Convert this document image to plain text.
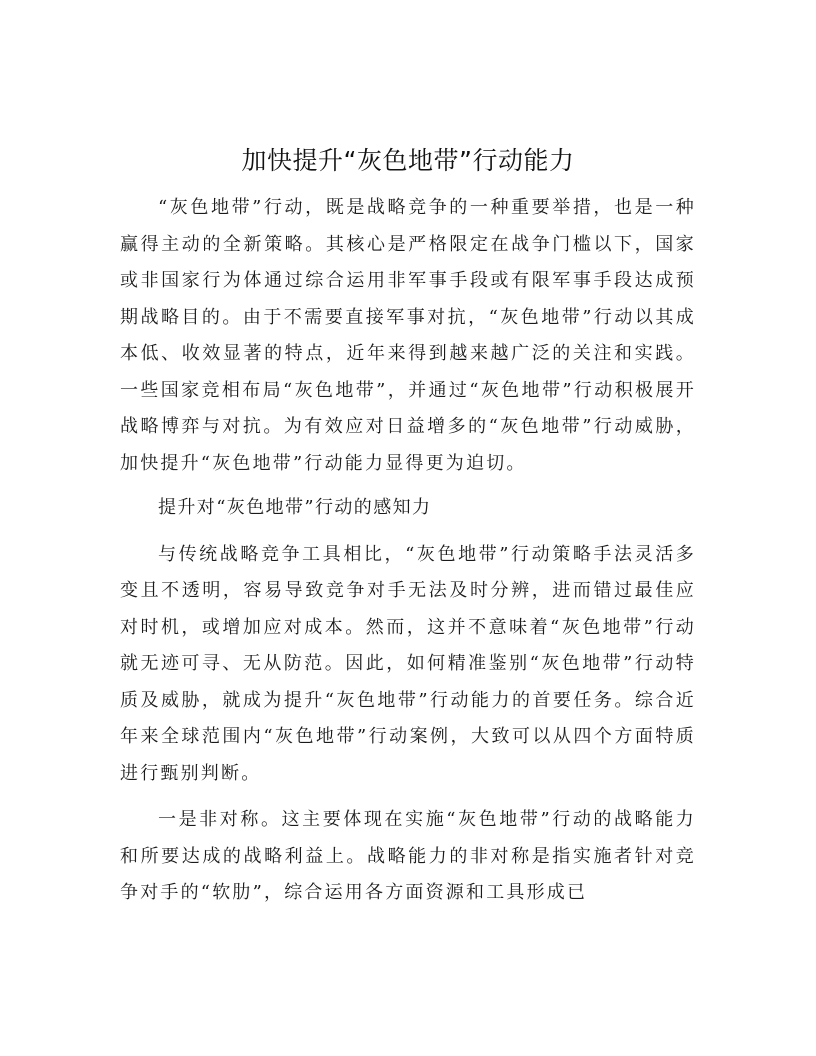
加快提升“灰色地带”行动能力

“灰色地带”行动，既是战略竞争的一种重要举措，也是一种赢得主动的全新策略。其核心是严格限定在战争门槛以下，国家或非国家行为体通过综合运用非军事手段或有限军事手段达成预期战略目的。由于不需要直接军事对抗，“灰色地带”行动以其成本低、收效显著的特点，近年来得到越来越广泛的关注和实践。一些国家竞相布局“灰色地带”，并通过“灰色地带”行动积极展开战略博弈与对抗。为有效应对日益增多的“灰色地带”行动威胁，加快提升“灰色地带”行动能力显得更为迫切。

提升对“灰色地带”行动的感知力

与传统战略竞争工具相比，“灰色地带”行动策略手法灵活多变且不透明，容易导致竞争对手无法及时分辨，进而错过最佳应对时机，或增加应对成本。然而，这并不意味着“灰色地带”行动就无迹可寻、无从防范。因此，如何精准鉴别“灰色地带”行动特质及威胁，就成为提升“灰色地带”行动能力的首要任务。综合近年来全球范围内“灰色地带”行动案例，大致可以从四个方面特质进行甄别判断。

一是非对称。这主要体现在实施“灰色地带”行动的战略能力和所要达成的战略利益上。战略能力的非对称是指实施者针对竞争对手的“软肋”，综合运用各方面资源和工具形成已
